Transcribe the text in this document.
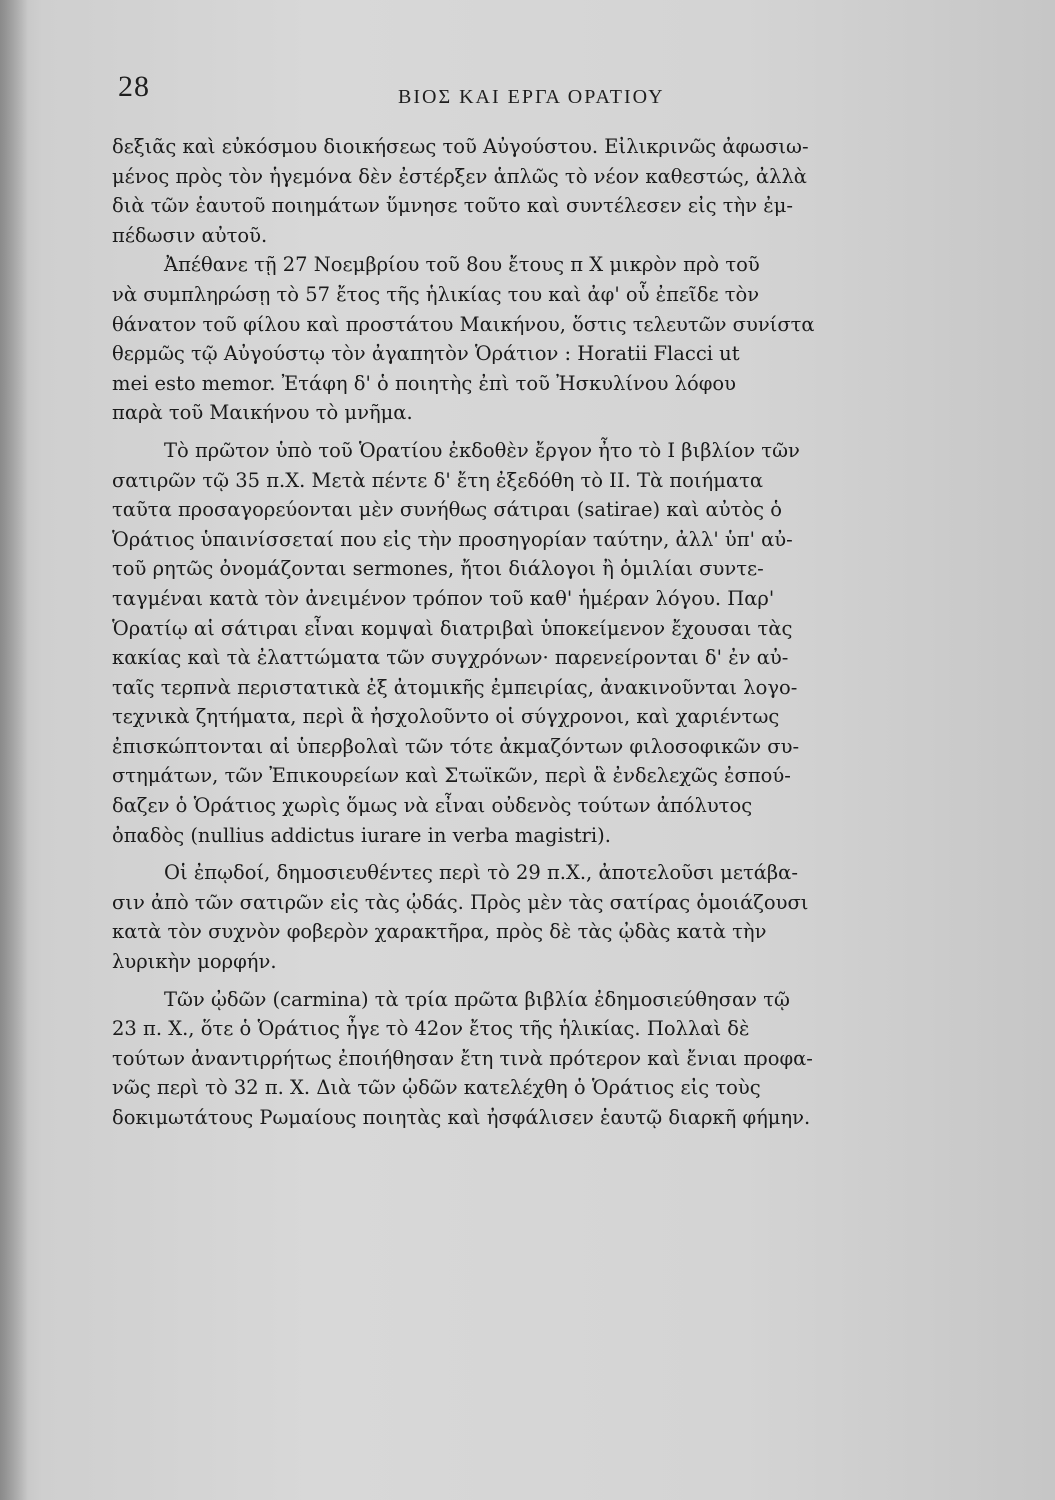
28	ΒΙΟΣ ΚΑΙ ΕΡΓΑ ΟΡΑΤΙΟΥ
δεξιᾶς καὶ εὐκόσμου διοικήσεως τοῦ Αὐγούστου. Εἰλικρινῶς ἀφωσιω-
μένος πρὸς τὸν ἡγεμόνα δὲν ἐστέρξεν ἁπλῶς τὸ νέον καθεστώς, ἀλλὰ
διὰ τῶν ἑαυτοῦ ποιημάτων ὕμνησε τοῦτο καὶ συντέλεσεν εἰς τὴν ἐμ-
πέδωσιν αὐτοῦ.
Ἀπέθανε τῇ 27 Νοεμβρίου τοῦ 8ου ἔτους π Χ μικρὸν πρὸ τοῦ
νὰ συμπληρώσῃ τὸ 57 ἔτος τῆς ἡλικίας του καὶ ἀφ' οὗ ἐπεῖδε τὸν
θάνατον τοῦ φίλου καὶ προστάτου Μαικήνου, ὅστις τελευτῶν συνίστα
θερμῶς τῷ Αὐγούστῳ τὸν ἀγαπητὸν Ὁράτιον : Horatii Flacci ut
mei esto memor. Ἐτάφη δ' ὁ ποιητὴς ἐπὶ τοῦ Ἠσκυλίνου λόφου
παρὰ τοῦ Μαικήνου τὸ μνῆμα.
Τὸ πρῶτον ὑπὸ τοῦ Ὁρατίου ἐκδοθὲν ἔργον ἦτο τὸ Ι βιβλίον τῶν
σατιρῶν τῷ 35 π.Χ. Μετὰ πέντε δ' ἔτη ἐξεδόθη τὸ ΙΙ. Τὰ ποιήματα
ταῦτα προσαγορεύονται μὲν συνήθως σάτιραι (satirae) καὶ αὐτὸς ὁ
Ὁράτιος ὑπαινίσσεταί που εἰς τὴν προσηγορίαν ταύτην, ἀλλ' ὑπ' αὐ-
τοῦ ρητῶς ὀνομάζονται sermones, ἤτοι διάλογοι ἢ ὁμιλίαι συντε-
ταγμέναι κατὰ τὸν ἀνειμένον τρόπον τοῦ καθ' ἡμέραν λόγου. Παρ'
Ὁρατίῳ αἱ σάτιραι εἶναι κομψαὶ διατριβαὶ ὑποκείμενον ἔχουσαι τὰς
κακίας καὶ τὰ ἐλαττώματα τῶν συγχρόνων· παρενείρονται δ' ἐν αὐ-
ταῖς τερπνὰ περιστατικὰ ἐξ ἀτομικῆς ἐμπειρίας, ἀνακινοῦνται λογο-
τεχνικὰ ζητήματα, περὶ ἃ ἠσχολοῦντο οἱ σύγχρονοι, καὶ χαριέντως
ἐπισκώπτονται αἱ ὑπερβολαὶ τῶν τότε ἀκμαζόντων φιλοσοφικῶν συ-
στημάτων, τῶν Ἐπικουρείων καὶ Στωϊκῶν, περὶ ἃ ἐνδελεχῶς ἐσπού-
δαζεν ὁ Ὁράτιος χωρὶς ὅμως νὰ εἶναι οὐδενὸς τούτων ἀπόλυτος
ὀπαδὸς (nullius addictus iurare in verba magistri).
Οἱ ἐπῳδοί, δημοσιευθέντες περὶ τὸ 29 π.Χ., ἀποτελοῦσι μετάβα-
σιν ἀπὸ τῶν σατιρῶν εἰς τὰς ᾠδάς. Πρὸς μὲν τὰς σατίρας ὁμοιάζουσι
κατὰ τὸν συχνὸν φοβερὸν χαρακτῆρα, πρὸς δὲ τὰς ᾠδὰς κατὰ τὴν
λυρικὴν μορφήν.
Τῶν ᾠδῶν (carmina) τὰ τρία πρῶτα βιβλία ἐδημοσιεύθησαν τῷ
23 π. Χ., ὅτε ὁ Ὁράτιος ἦγε τὸ 42ον ἔτος τῆς ἡλικίας. Πολλαὶ δὲ
τούτων ἀναντιρρήτως ἐποιήθησαν ἔτη τινὰ πρότερον καὶ ἔνιαι προφα-
νῶς περὶ τὸ 32 π. Χ. Διὰ τῶν ᾠδῶν κατελέχθη ὁ Ὁράτιος εἰς τοὺς
δοκιμωτάτους Ρωμαίους ποιητὰς καὶ ἠσφάλισεν ἑαυτῷ διαρκῆ φήμην.
